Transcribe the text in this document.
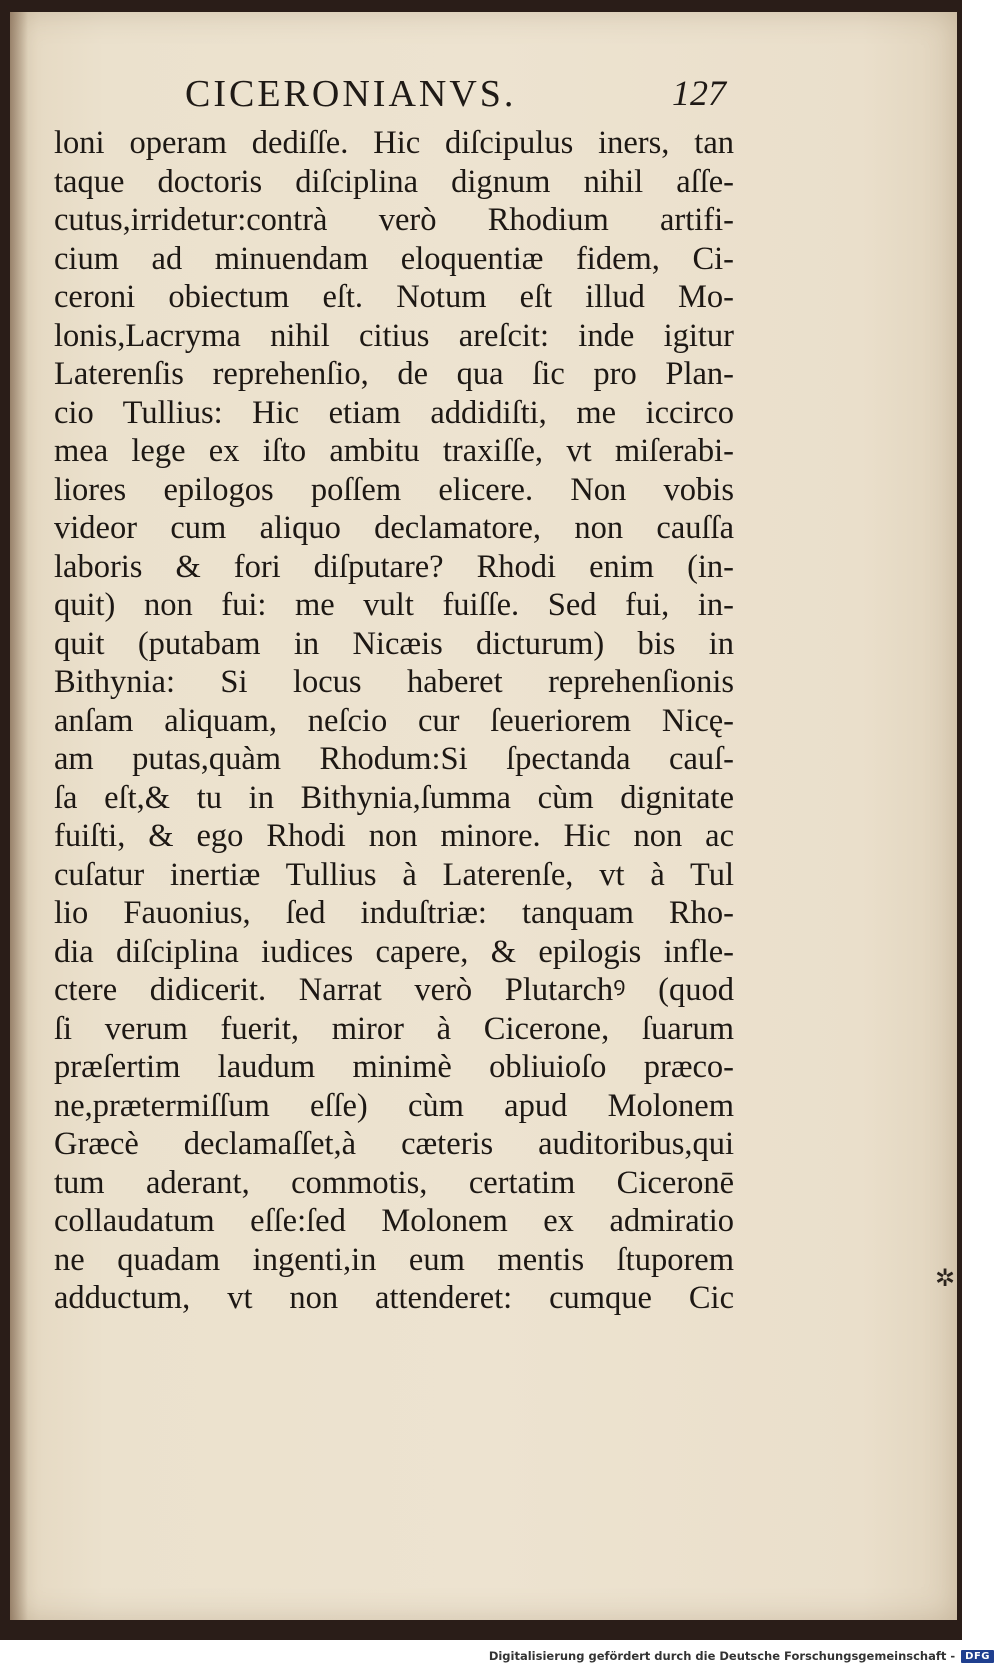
CICERONIANVS.	127
loni operam dediſſe. Hic diſcipulus iners, tan
taque doctoris diſciplina dignum nihil aſſe-
cutus,irridetur:contrà verò Rhodium artifi-
cium ad minuendam eloquentiæ fidem, Ci-
ceroni obiectum eſt. Notum eſt illud Mo-
lonis,Lacryma nihil citius areſcit: inde igitur
Laterenſis reprehenſio, de qua ſic pro Plan-
cio Tullius: Hic etiam addidiſti, me iccirco
mea lege ex iſto ambitu traxiſſe, vt miſerabi-
liores epilogos poſſem elicere. Non vobis
videor cum aliquo declamatore, non cauſſa
laboris & fori diſputare? Rhodi enim (in-
quit) non fui: me vult fuiſſe. Sed fui, in-
quit (putabam in Nicæis dicturum) bis in
Bithynia: Si locus haberet reprehenſionis
anſam aliquam, neſcio cur ſeueriorem Nicę-
am putas,quàm Rhodum:Si ſpectanda cauſ-
ſa eſt,& tu in Bithynia,ſumma cùm dignitate
fuiſti, & ego Rhodi non minore. Hic non ac
cuſatur inertiæ Tullius à Laterenſe, vt à Tul
lio Fauonius, ſed induſtriæ: tanquam Rho-
dia diſciplina iudices capere, & epilogis infle-
ctere didicerit. Narrat verò Plutarchꝰ (quod
ſi verum fuerit, miror à Cicerone, ſuarum
præſertim laudum minimè obliuioſo præco-
ne,prætermiſſum eſſe) cùm apud Molonem
Græcè declamaſſet,à cæteris auditoribus,qui
tum aderant, commotis, certatim Ciceronē
collaudatum eſſe:ſed Molonem ex admiratio
ne quadam ingenti,in eum mentis ſtuporem
adductum, vt non attenderet: cumque Cic
✲
Digitalisierung gefördert durch die Deutsche Forschungsgemeinschaft -	DFG
